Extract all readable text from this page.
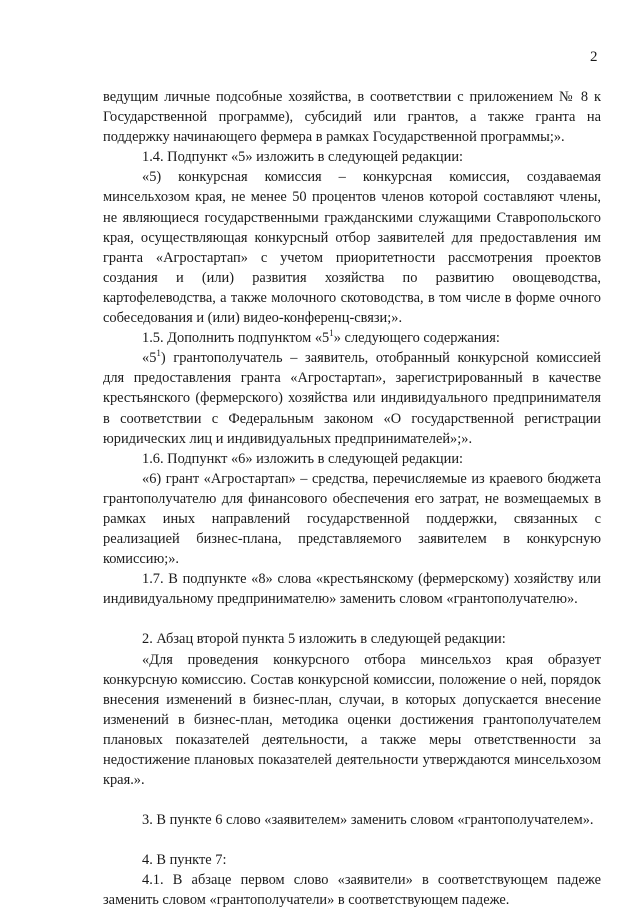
2

ведущим личные подсобные хозяйства, в соответствии с приложением № 8 к Государственной программе), субсидий или грантов, а также гранта на поддержку начинающего фермера в рамках Государственной программы;».

1.4. Подпункт «5» изложить в следующей редакции:

«5) конкурсная комиссия – конкурсная комиссия, создаваемая минсельхозом края, не менее 50 процентов членов которой составляют члены, не являющиеся государственными гражданскими служащими Ставропольского края, осуществляющая конкурсный отбор заявителей для предоставления им гранта «Агростартап» с учетом приоритетности рассмотрения проектов создания и (или) развития хозяйства по развитию овощеводства, картофелеводства, а также молочного скотоводства, в том числе в форме очного собеседования и (или) видео-конференц-связи;».

1.5. Дополнить подпунктом «$5^1$» следующего содержания:

«$5^1$) грантополучатель – заявитель, отобранный конкурсной комиссией для предоставления гранта «Агростартап», зарегистрированный в качестве крестьянского (фермерского) хозяйства или индивидуального предпринимателя в соответствии с Федеральным законом «О государственной регистрации юридических лиц и индивидуальных предпринимателей»;».

1.6. Подпункт «6» изложить в следующей редакции:

«6) грант «Агростартап» – средства, перечисляемые из краевого бюджета грантополучателю для финансового обеспечения его затрат, не возмещаемых в рамках иных направлений государственной поддержки, связанных с реализацией бизнес-плана, представляемого заявителем в конкурсную комиссию;».

1.7. В подпункте «8» слова «крестьянскому (фермерскому) хозяйству или индивидуальному предпринимателю» заменить словом «грантополучателю».

2. Абзац второй пункта 5 изложить в следующей редакции:

«Для проведения конкурсного отбора минсельхоз края образует конкурсную комиссию. Состав конкурсной комиссии, положение о ней, порядок внесения изменений в бизнес-план, случаи, в которых допускается внесение изменений в бизнес-план, методика оценки достижения грантополучателем плановых показателей деятельности, а также меры ответственности за недостижение плановых показателей деятельности утверждаются минсельхозом края.».

3. В пункте 6 слово «заявителем» заменить словом «грантополучателем».

4. В пункте 7:

4.1. В абзаце первом слово «заявители» в соответствующем падеже заменить словом «грантополучатели» в соответствующем падеже.
